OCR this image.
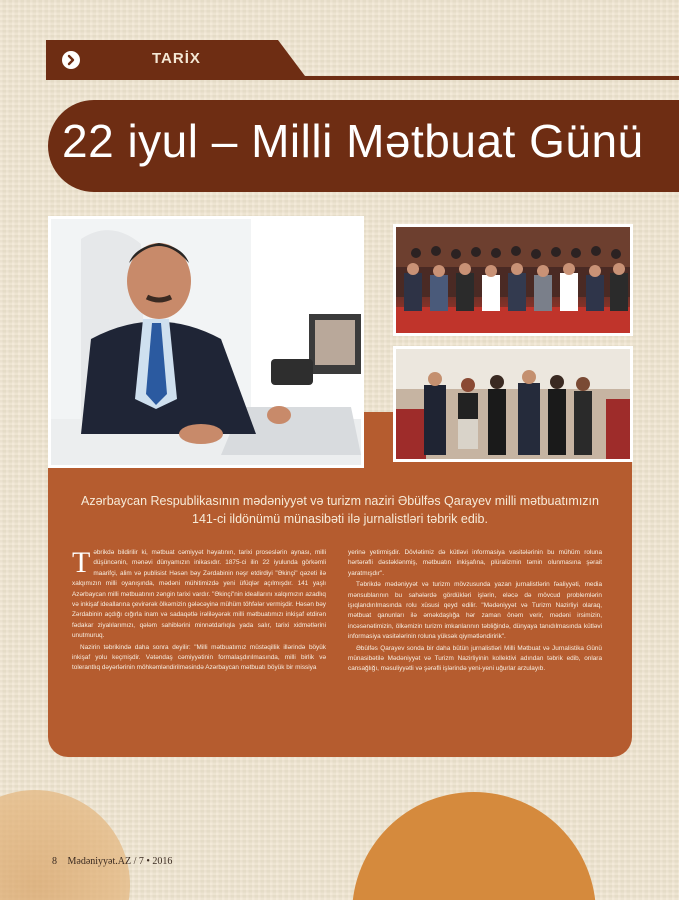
TARİX
22 iyul – Milli Mətbuat Günü

Azərbaycan Respublikasının mədəniyyət və turizm naziri Əbülfəs Qarayev milli mətbuatımızın 141-ci ildönümü münasibəti ilə jurnalistləri təbrik edib.

Təbrikdə bildirilir ki, mətbuat cəmiyyət həyatının, tarixi proseslərin aynası, milli düşüncənin, mənəvi dünyamızın inikasıdır. 1875-ci ilin 22 iyulunda görkəmli maarifçi, alim və publisist Həsən bəy Zərdabinin nəşr etdirdiyi "Əkinçi" qəzeti ilə xalqımızın milli oyanışında, mədəni mühitimizdə yeni üfüqlər açılmışdır. 141 yaşlı Azərbaycan milli mətbuatının zəngin tarixi vardır. "Əkinçi"nin ideallarını xalqımızın azadlıq və inkişaf ideallarına çevirərək ölkəmizin gələcəyinə mühüm töhfələr vermişdir. Həsən bəy Zərdabinin açdığı cığırla inam və sadaqətlə irəliləyərək milli mətbuatımızı inkişaf etdirən fədakar ziyalılarımızı, qələm sahiblərini minnətdarlıqla yada salır, tarixi xidmətlərini unutmuruq.

Nazirin təbrikində daha sonra deyilir: "Milli mətbuatımız müstəqillik illərində böyük inkişaf yolu keçmişdir. Vətəndaş cəmiyyətinin formalaşdırılmasında, milli birlik və tolerantlıq dəyərlərinin möhkəmləndirilməsində Azərbaycan mətbuatı böyük bir missiya

yerinə yetirmişdir. Dövlətimiz də kütləvi informasiya vasitələrinin bu mühüm roluna hərtərəfli dəstəklənmiş, mətbuatın inkişafına, plüralizmin təmin olunmasına şərait yaratmışdır".

Təbrikdə mədəniyyət və turizm mövzusunda yazan jurnalistlərin fəaliyyəti, media mənsublarının bu sahələrdə gördükləri işlərin, eləcə də mövcud problemlərin işıqlandırılmasında rolu xüsusi qeyd edilir. "Mədəniyyət və Turizm Nazirliyi olaraq, mətbuat qanunları ilə əməkdaşlığa hər zaman önəm verir, mədəni irsimizin, incəsənətimizin, ölkəmizin turizm imkanlarının təbliğində, dünyaya tanıdılmasında kütləvi informasiya vasitələrinin roluna yüksək qiymətləndiririk".

Əbülfəs Qarayev sonda bir daha bütün jurnalistləri Milli Mətbuat və Jurnalistika Günü münasibətilə Mədəniyyət və Turizm Nazirliyinin kollektivi adından təbrik edib, onlara cansağlığı, məsuliyyətli və şərəfli işlərində yeni-yeni uğurlar arzulayıb.

8 Mədəniyyət.AZ / 7 • 2016
